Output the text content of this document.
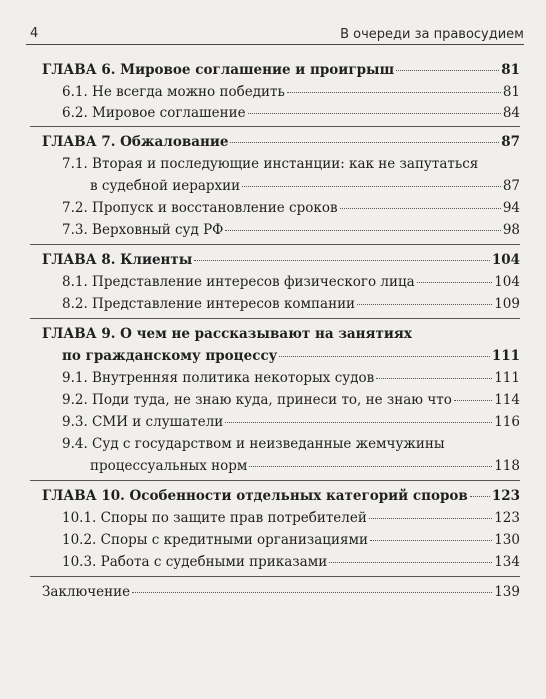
4	В очереди за правосудием
ГЛАВА 6. Мировое соглашение и проигрыш	81
6.1. Не всегда можно победить	81
6.2. Мировое соглашение	84
ГЛАВА 7. Обжалование	87
7.1. Вторая и последующие инстанции: как не запутаться
в судебной иерархии	87
7.2. Пропуск и восстановление сроков	94
7.3. Верховный суд РФ	98
ГЛАВА 8. Клиенты	104
8.1. Представление интересов физического лица	104
8.2. Представление интересов компании	109
ГЛАВА 9. О чем не рассказывают на занятиях
по гражданскому процессу	111
9.1. Внутренняя политика некоторых судов	111
9.2. Поди туда, не знаю куда, принеси то, не знаю что	114
9.3. СМИ и слушатели	116
9.4. Суд с государством и неизведанные жемчужины
процессуальных норм	118
ГЛАВА 10. Особенности отдельных категорий споров 123
10.1. Споры по защите прав потребителей	123
10.2. Споры с кредитными организациями	130
10.3. Работа с судебными приказами	134
Заключение	139
